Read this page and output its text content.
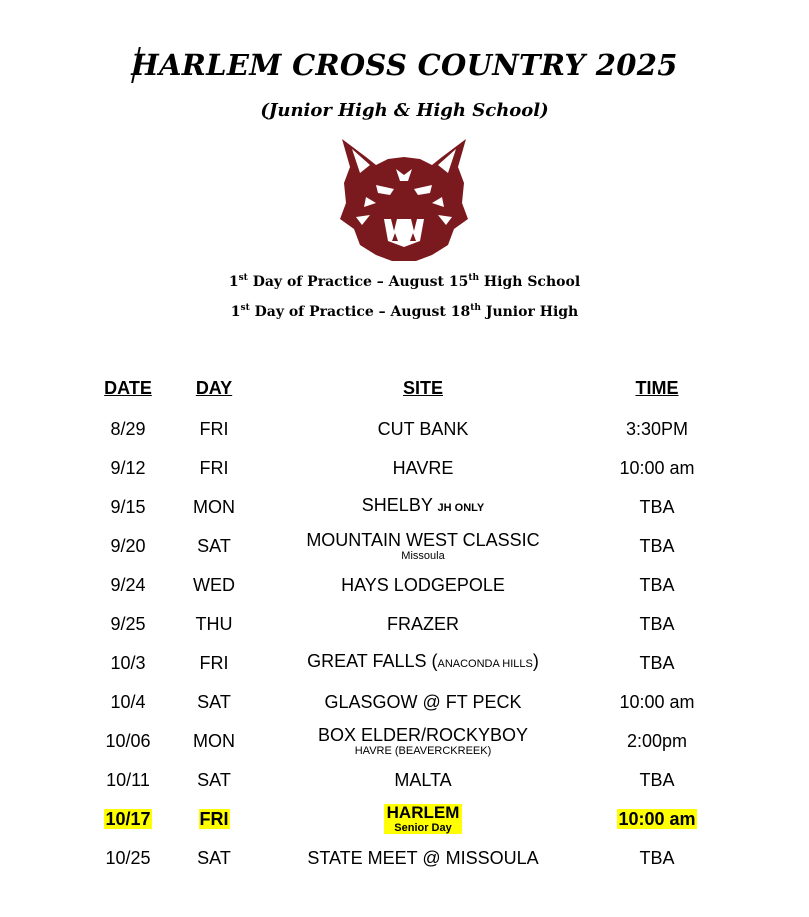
HARLEM CROSS COUNTRY 2025
(Junior High & High School)
1st Day of Practice – August 15th High School
1st Day of Practice – August 18th Junior High
DATE	DAY	SITE	TIME
8/29	FRI	CUT BANK	3:30PM
9/12	FRI	HAVRE	10:00 am
9/15	MON	SHELBY JH ONLY	TBA
9/20	SAT	MOUNTAIN WEST CLASSIC
Missoula	TBA
9/24	WED	HAYS LODGEPOLE	TBA
9/25	THU	FRAZER	TBA
10/3	FRI	GREAT FALLS (ANACONDA HILLS)	TBA
10/4	SAT	GLASGOW @ FT PECK	10:00 am
10/06 MON	BOX ELDER/ROCKYBOY
HAVRE (BEAVERCKREEK)	2:00pm
10/11	SAT	MALTA	TBA
10/17	FRI	HARLEM
Senior Day	10:00 am
10/25	SAT	STATE MEET @ MISSOULA	TBA
